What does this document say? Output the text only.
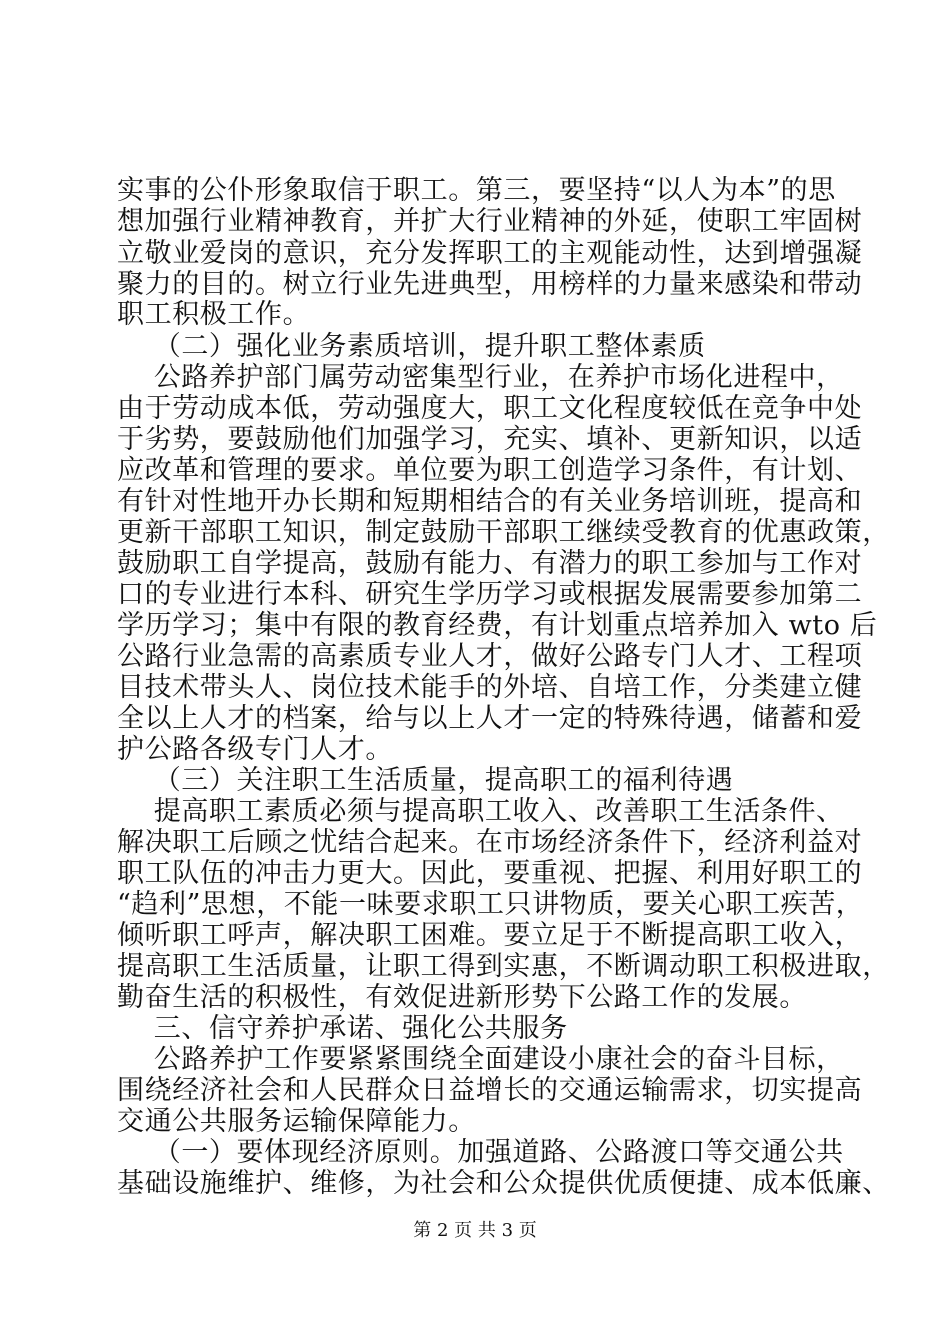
实事的公仆形象取信于职工。第三，要坚持“以人为本”的思
想加强行业精神教育，并扩大行业精神的外延，使职工牢固树
立敬业爱岗的意识，充分发挥职工的主观能动性，达到增强凝
聚力的目的。树立行业先进典型，用榜样的力量来感染和带动
职工积极工作。
（二）强化业务素质培训，提升职工整体素质
公路养护部门属劳动密集型行业，在养护市场化进程中，
由于劳动成本低，劳动强度大，职工文化程度较低在竞争中处
于劣势，要鼓励他们加强学习，充实、填补、更新知识，以适
应改革和管理的要求。单位要为职工创造学习条件，有计划、
有针对性地开办长期和短期相结合的有关业务培训班，提高和
更新干部职工知识，制定鼓励干部职工继续受教育的优惠政策，
鼓励职工自学提高，鼓励有能力、有潜力的职工参加与工作对
口的专业进行本科、研究生学历学习或根据发展需要参加第二
学历学习；集中有限的教育经费，有计划重点培养加入 wto 后
公路行业急需的高素质专业人才，做好公路专门人才、工程项
目技术带头人、岗位技术能手的外培、自培工作，分类建立健
全以上人才的档案，给与以上人才一定的特殊待遇，储蓄和爱
护公路各级专门人才。
（三）关注职工生活质量，提高职工的福利待遇
提高职工素质必须与提高职工收入、改善职工生活条件、
解决职工后顾之忧结合起来。在市场经济条件下，经济利益对
职工队伍的冲击力更大。因此，要重视、把握、利用好职工的
“趋利”思想，不能一味要求职工只讲物质，要关心职工疾苦，
倾听职工呼声，解决职工困难。要立足于不断提高职工收入，
提高职工生活质量，让职工得到实惠，不断调动职工积极进取，
勤奋生活的积极性，有效促进新形势下公路工作的发展。
三、信守养护承诺、强化公共服务
公路养护工作要紧紧围绕全面建设小康社会的奋斗目标，
围绕经济社会和人民群众日益增长的交通运输需求，切实提高
交通公共服务运输保障能力。
（一）要体现经济原则。加强道路、公路渡口等交通公共
基础设施维护、维修，为社会和公众提供优质便捷、成本低廉、
第 2 页 共 3 页
